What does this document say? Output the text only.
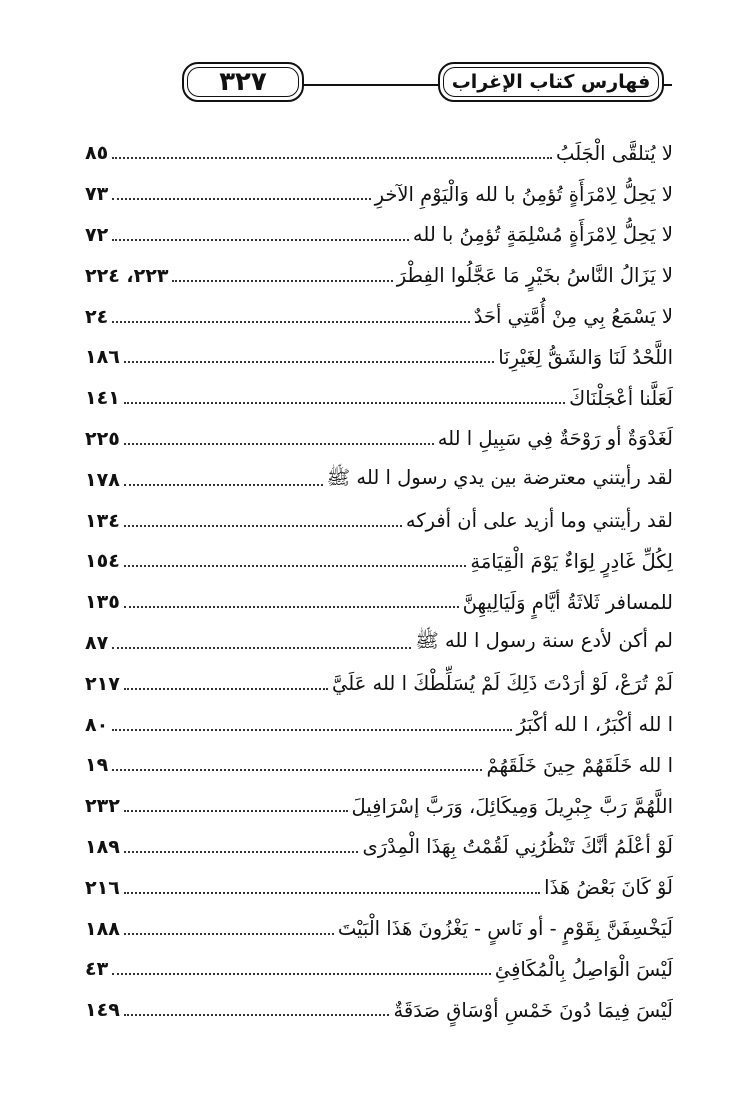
٣٢٧	فهارس كتاب الإغراب
لا يُتلقَّى الْجَلَبُ
٨٥
لا يَحِلُّ لِامْرَأَةٍ تُؤمِنُ با لله وَالْيَوْمِ الآخرِ
٧٣
لا يَحِلُّ لِامْرَأَةٍ مُسْلِمَةٍ تُؤمِنُ با لله
٧٢
لا يَزَالُ النَّاسُ بخَيْرٍ مَا عَجَّلُوا الفِطْرَ
٢٢٣، ٢٢٤
لا يَسْمَعُ بِي مِنْ أُمَّتِي أحَدٌ
٢٤
اللَّحْدُ لَنَا وَالشَقُّ لِغَيْرِنَا
١٨٦
لَعَلَّنا أعْجَلْنَاكَ
١٤١
لَغَدْوَةٌ أو رَوْحَةٌ فِي سَبِيلِ ا لله
٢٢٥
لقد رأيتني معترضة بين يدي رسول ا لله ﷺ
١٧٨
لقد رأيتني وما أزيد على أن أفركه
١٣٤
لِكُلِّ غَادِرٍ لِوَاءٌ يَوْمَ الْقِيَامَةِ
١٥٤
للمسافر ثَلاثَةُ أيَّامٍ وَلَيَالِيهِنَّ
١٣٥
لم أكن لأدع سنة رسول ا لله ﷺ
٨٧
لَمْ تُرَعْ، لَوْ أرَدْتَ ذَلِكَ لَمْ يُسَلِّطْكَ ا لله عَلَيَّ
٢١٧
ا لله أكْبَرُ، ا لله أكْبَرُ
٨٠
ا لله خَلَقَهُمْ حِينَ خَلَقَهُمْ
١٩
اللَّهُمَّ رَبَّ جِبْرِيلَ وَمِيكَائِلَ، وَرَبَّ إسْرَافِيلَ
٢٣٢
لَوْ أعْلَمُ أنَّكَ تَنْظُرُنِي لَقُمْتُ بِهَذَا الْمِدْرَى
١٨٩
لَوْ كَانَ بَعْضُ هَذَا
٢١٦
لَيَخْسِفَنَّ بِقَوْمٍ - أو نَاسٍ - يَغْزُونَ هَذَا الْبَيْتَ
١٨٨
لَيْسَ الْوَاصِلُ بِالْمُكَافِئِ
٤٣
لَيْسَ فِيمَا دُونَ خَمْسِ أوْسَاقٍ صَدَقَةٌ
١٤٩
